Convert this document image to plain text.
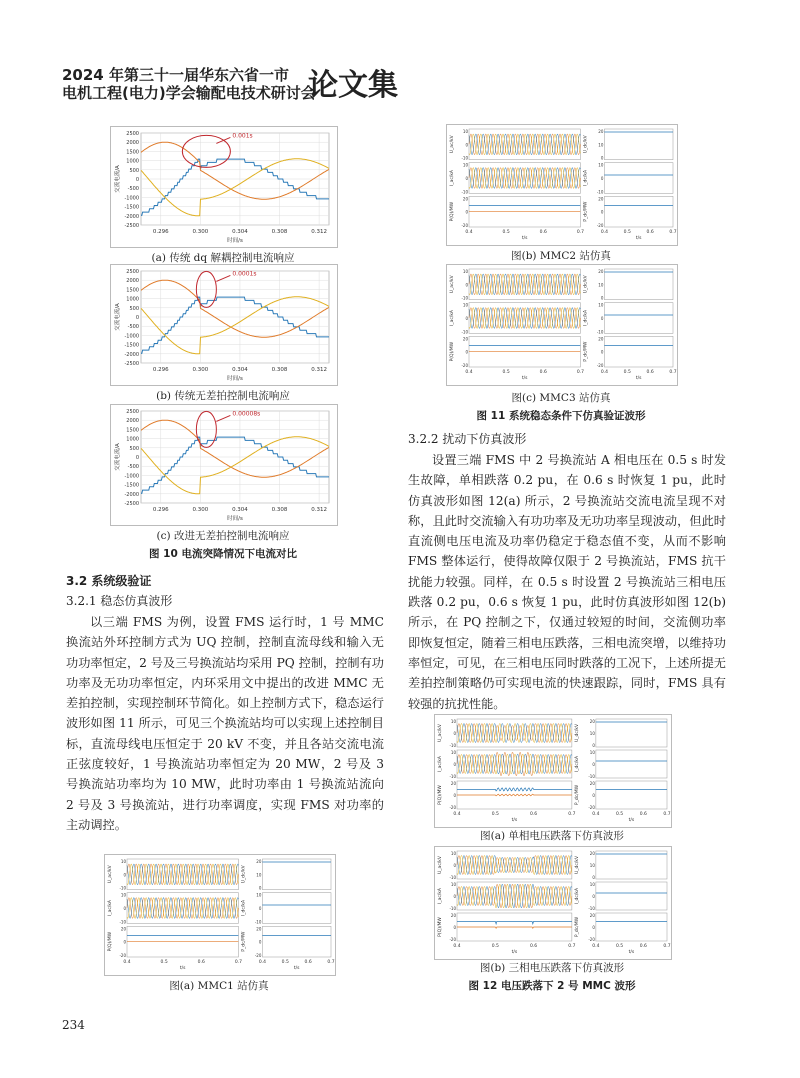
2024 年第三十一届华东六省一市
电机工程(电力)学会输配电技术研讨会
论文集
2500
2000
1500
1000
500
0
-500
-1000
-1500
-2000
-2500
0.296	0.300	0.304	0.308	0.312
交流电流/A
时间/s
0.001s
(a) 传统 dq 解耦控制电流响应
2500
2000
1500
1000
500
0
-500
-1000
-1500
-2000
-2500
0.296	0.300	0.304	0.308	0.312
交流电流/A
时间/s
0.0001s
(b) 传统无差拍控制电流响应
2500
2000
1500
1000
500
0
-500
-1000
-1500
-2000
-2500
0.296	0.300	0.304	0.308	0.312
交流电流/A
时间/s
0.00008s
(c) 改进无差拍控制电流响应
图 10 电流突降情况下电流对比
3.2 系统级验证
3.2.1 稳态仿真波形
以三端 FMS 为例，设置 FMS 运行时，1 号 MMC 换流站外环控制方式为 UQ 控制，控制直流母线和输入无功功率恒定，2 号及三号换流站均采用 PQ 控制，控制有功功率及无功功率恒定，内环采用文中提出的改进 MMC 无差拍控制，实现控制环节简化。如上控制方式下，稳态运行波形如图 11 所示，可见三个换流站均可以实现上述控制目标，直流母线电压恒定于 20 kV 不变，并且各站交流电流正弦度较好，1 号换流站功率恒定为 20 MW，2 号及 3 号换流站功率均为 10 MW，此时功率由 1 号换流站流向 2 号及 3 号换流站，进行功率调度，实现 FMS 对功率的主动调控。
U_ac/kV
10
0
-10
U_dc/kV
20
10
0
I_ac/kA
10
0
-10
I_dc/kA
10
0
-10
P(Q)/MW
20
0
-20
P_dc/MW
20
0
-20
0.4	0.4
0.5	0.5
0.6	0.6
0.7	0.7
t/s	t/s
图(a) MMC1 站仿真
U_ac/kV
10
0
-10
U_dc/kV
20
10
0
I_ac/kA
10
0
-10
I_dc/kA
10
0
-10
P(Q)/MW
20
0
-20
P_dc/MW
20
0
-20
0.4	0.4
0.5	0.5
0.6	0.6
0.7	0.7
t/s	t/s
图(b) MMC2 站仿真
U_ac/kV
10
0
-10
U_dc/kV
20
10
0
I_ac/kA
10
0
-10
I_dc/kA
10
0
-10
P(Q)/MW
20
0
-20
P_dc/MW
20
0
-20
0.4	0.4
0.5	0.5
0.6	0.6
0.7	0.7
t/s	t/s
图(c) MMC3 站仿真
图 11 系统稳态条件下仿真验证波形
3.2.2 扰动下仿真波形
设置三端 FMS 中 2 号换流站 A 相电压在 0.5 s 时发生故障，单相跌落 0.2 pu，在 0.6 s 时恢复 1 pu，此时仿真波形如图 12(a) 所示，2 号换流站交流电流呈现不对称，且此时交流输入有功功率及无功功率呈现波动，但此时直流侧电压电流及功率仍稳定于稳态值不变，从而不影响 FMS 整体运行，使得故障仅限于 2 号换流站，FMS 抗干扰能力较强。同样，在 0.5 s 时设置 2 号换流站三相电压跌落 0.2 pu，0.6 s 恢复 1 pu，此时仿真波形如图 12(b) 所示，在 PQ 控制之下，仅通过较短的时间，交流侧功率即恢复恒定，随着三相电压跌落，三相电流突增，以维持功率恒定，可见，在三相电压同时跌落的工况下，上述所提无差拍控制策略仍可实现电流的快速跟踪，同时，FMS 具有较强的抗扰性能。
U_ac/kV
10
0
-10
U_dc/kV
20
10
0
I_ac/kA
10
0
-10
I_dc/kA
10
0
-10
P(Q)/MW
20
0
-20
P_dc/MW
20
0
-20
0.4	0.4
0.5	0.5
0.6	0.6
0.7	0.7
t/s	t/s
图(a) 单相电压跌落下仿真波形
U_ac/kV
10
0
-10
U_dc/kV
20
10
0
I_ac/kA
10
0
-10
I_dc/kA
10
0
-10
P(Q)/MW
20
0
-20
P_dc/MW
20
0
-20
0.4	0.4
0.5	0.5
0.6	0.6
0.7	0.7
t/s	t/s
图(b) 三相电压跌落下仿真波形
图 12 电压跌落下 2 号 MMC 波形
234
